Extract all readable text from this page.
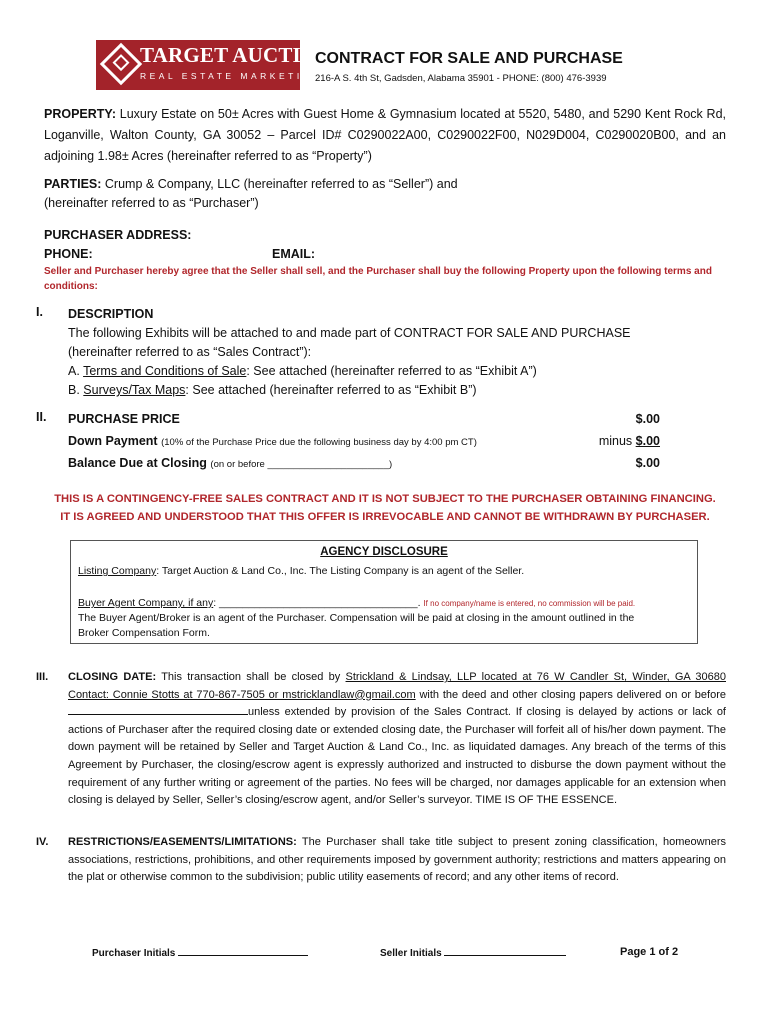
TARGET AUCTION
REAL ESTATE MARKETING
CONTRACT FOR SALE AND PURCHASE
216-A S. 4th St, Gadsden, Alabama 35901 - PHONE: (800) 476-3939
PROPERTY: Luxury Estate on 50± Acres with Guest Home & Gymnasium located at 5520, 5480, and 5290 Kent Rock Rd, Loganville, Walton County, GA 30052 – Parcel ID# C0290022A00, C0290022F00, N029D004, C0290020B00, and an adjoining 1.98± Acres (hereinafter referred to as “Property”)
PARTIES: Crump & Company, LLC (hereinafter referred to as “Seller”) and
(hereinafter referred to as “Purchaser”)
PURCHASER ADDRESS:
PHONE:	EMAIL:
Seller and Purchaser hereby agree that the Seller shall sell, and the Purchaser shall buy the following Property upon the following terms and conditions:
I. DESCRIPTION
The following Exhibits will be attached to and made part of CONTRACT FOR SALE AND PURCHASE (hereinafter referred to as “Sales Contract”):
A. Terms and Conditions of Sale: See attached (hereinafter referred to as “Exhibit A”)
B. Surveys/Tax Maps: See attached (hereinafter referred to as “Exhibit B”)
II. PURCHASE PRICE	$.00
Down Payment (10% of the Purchase Price due the following business day by 4:00 pm CT)	minus $.00
Balance Due at Closing (on or before _______________________)	$.00
THIS IS A CONTINGENCY-FREE SALES CONTRACT AND IT IS NOT SUBJECT TO THE PURCHASER OBTAINING FINANCING.
IT IS AGREED AND UNDERSTOOD THAT THIS OFFER IS IRREVOCABLE AND CANNOT BE WITHDRAWN BY PURCHASER.
AGENCY DISCLOSURE
Listing Company: Target Auction & Land Co., Inc. The Listing Company is an agent of the Seller.
Buyer Agent Company, if any: __________________________________. If no company/name is entered, no commission will be paid.
The Buyer Agent/Broker is an agent of the Purchaser. Compensation will be paid at closing in the amount outlined in the
Broker Compensation Form.
III. CLOSING DATE: This transaction shall be closed by Strickland & Lindsay, LLP located at 76 W Candler St, Winder, GA 30680 Contact: Connie Stotts at 770-867-7505 or mstricklandlaw@gmail.com with the deed and other closing papers delivered on or before unless extended by provision of the Sales Contract. If closing is delayed by actions or lack of actions of Purchaser after the required closing date or extended closing date, the Purchaser will forfeit all of his/her down payment. The down payment will be retained by Seller and Target Auction & Land Co., Inc. as liquidated damages. Any breach of the terms of this Agreement by Purchaser, the closing/escrow agent is expressly authorized and instructed to disburse the down payment without the requirement of any further writing or agreement of the parties. No fees will be charged, nor damages applicable for an extension when closing is delayed by Seller, Seller’s closing/escrow agent, and/or Seller’s surveyor. TIME IS OF THE ESSENCE.
IV. RESTRICTIONS/EASEMENTS/LIMITATIONS: The Purchaser shall take title subject to present zoning classification, homeowners associations, restrictions, prohibitions, and other requirements imposed by government authority; restrictions and matters appearing on the plat or otherwise common to the subdivision; public utility easements of record; and any other items of record.
Purchaser Initials	Seller Initials	Page 1 of 2
